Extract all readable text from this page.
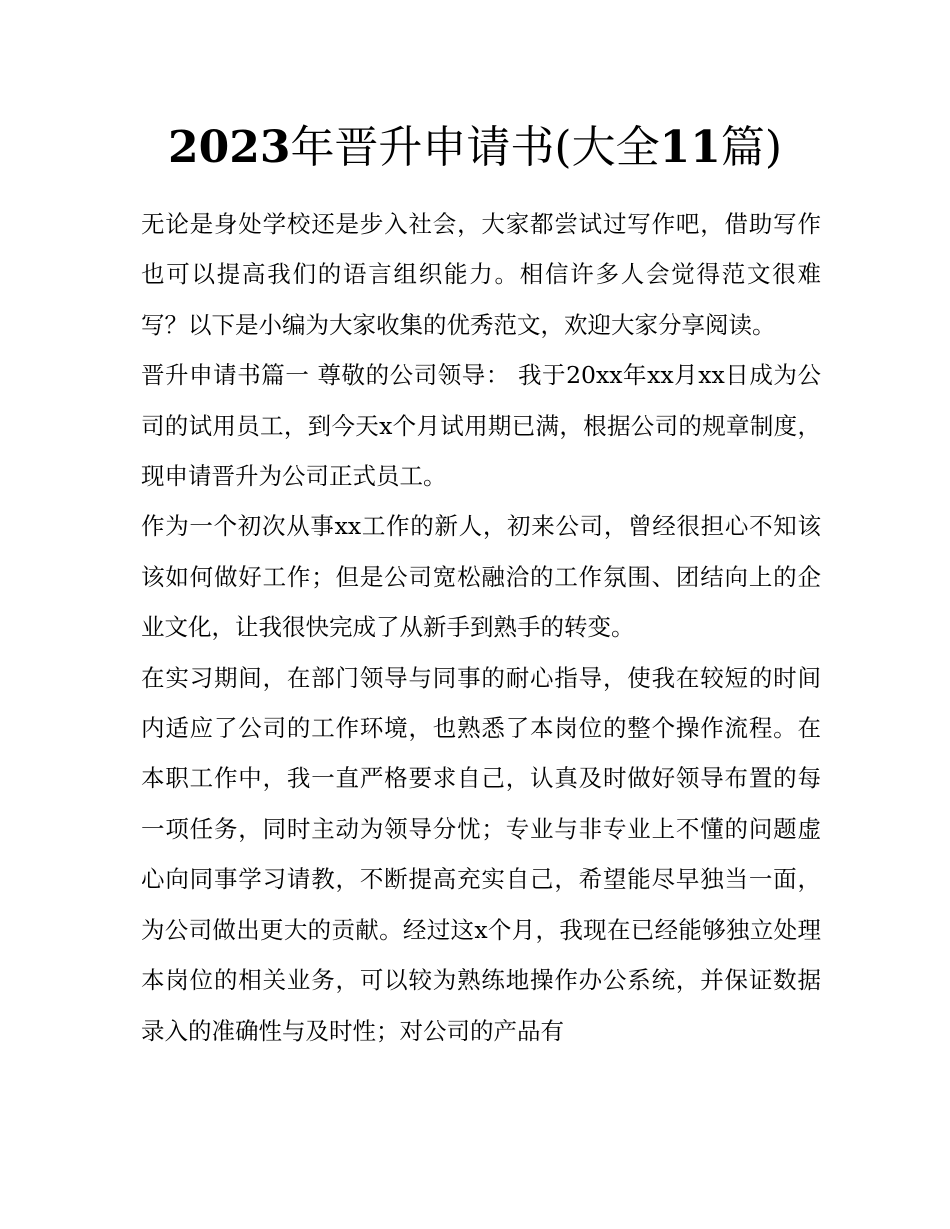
2023年晋升申请书(大全11篇)

无论是身处学校还是步入社会，大家都尝试过写作吧，借助写作也可以提高我们的语言组织能力。相信许多人会觉得范文很难写？以下是小编为大家收集的优秀范文，欢迎大家分享阅读。

晋升申请书篇一 尊敬的公司领导： 我于20xx年xx月xx日成为公司的试用员工，到今天x个月试用期已满，根据公司的规章制度，现申请晋升为公司正式员工。

作为一个初次从事xx工作的新人，初来公司，曾经很担心不知该该如何做好工作；但是公司宽松融洽的工作氛围、团结向上的企业文化，让我很快完成了从新手到熟手的转变。

在实习期间，在部门领导与同事的耐心指导，使我在较短的时间内适应了公司的工作环境，也熟悉了本岗位的整个操作流程。在本职工作中，我一直严格要求自己，认真及时做好领导布置的每一项任务，同时主动为领导分忧；专业与非专业上不懂的问题虚心向同事学习请教，不断提高充实自己，希望能尽早独当一面，为公司做出更大的贡献。经过这x个月，我现在已经能够独立处理本岗位的相关业务，可以较为熟练地操作办公系统，并保证数据录入的准确性与及时性；对公司的产品有
